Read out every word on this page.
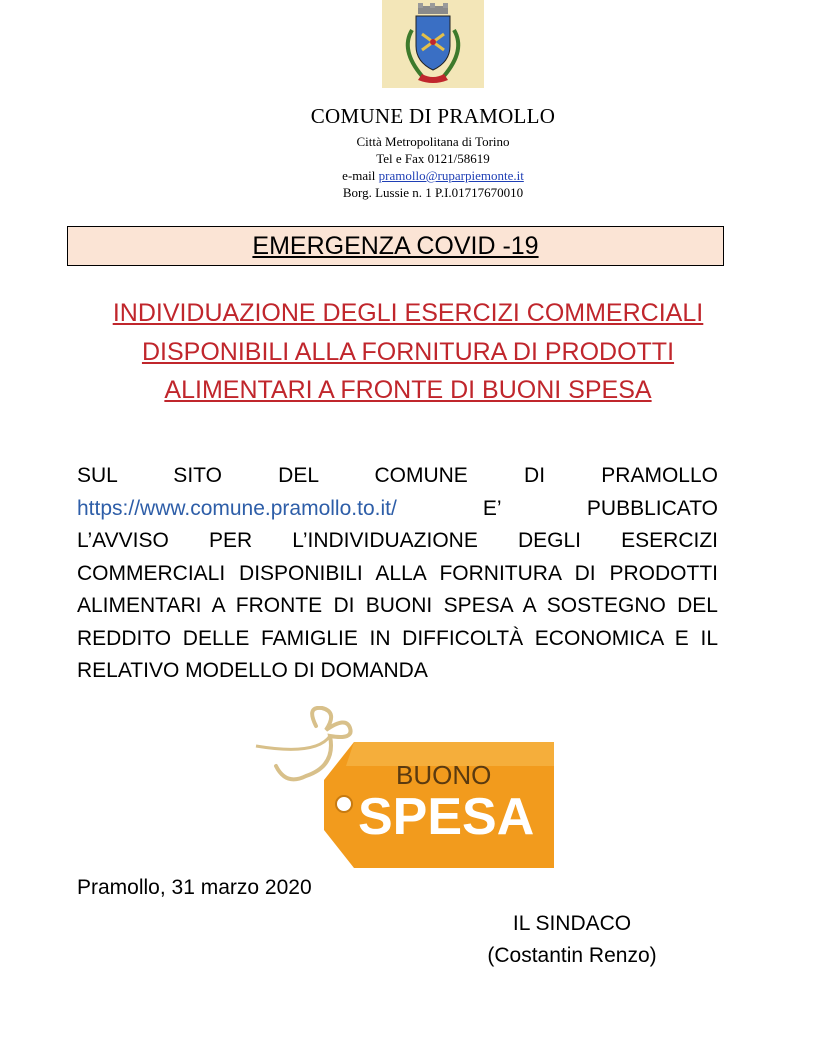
COMUNE DI PRAMOLLO
Città Metropolitana di Torino
Tel e Fax 0121/58619
e-mail pramollo@ruparpiemonte.it
Borg. Lussie n. 1 P.I.01717670010
EMERGENZA COVID -19
INDIVIDUAZIONE DEGLI ESERCIZI COMMERCIALI
DISPONIBILI ALLA FORNITURA DI PRODOTTI
ALIMENTARI A FRONTE DI BUONI SPESA
SUL SITO DEL COMUNE DI PRAMOLLO
https://www.comune.pramollo.to.it/	E’ PUBBLICATO
L’AVVISO PER L’INDIVIDUAZIONE DEGLI ESERCIZI
COMMERCIALI DISPONIBILI ALLA FORNITURA DI PRODOTTI
ALIMENTARI A FRONTE DI BUONI SPESA A SOSTEGNO DEL
REDDITO DELLE FAMIGLIE IN DIFFICOLTÀ ECONOMICA E IL
RELATIVO MODELLO DI DOMANDA
BUONO
SPESA
Pramollo, 31 marzo 2020
IL SINDACO
(Costantin Renzo)
